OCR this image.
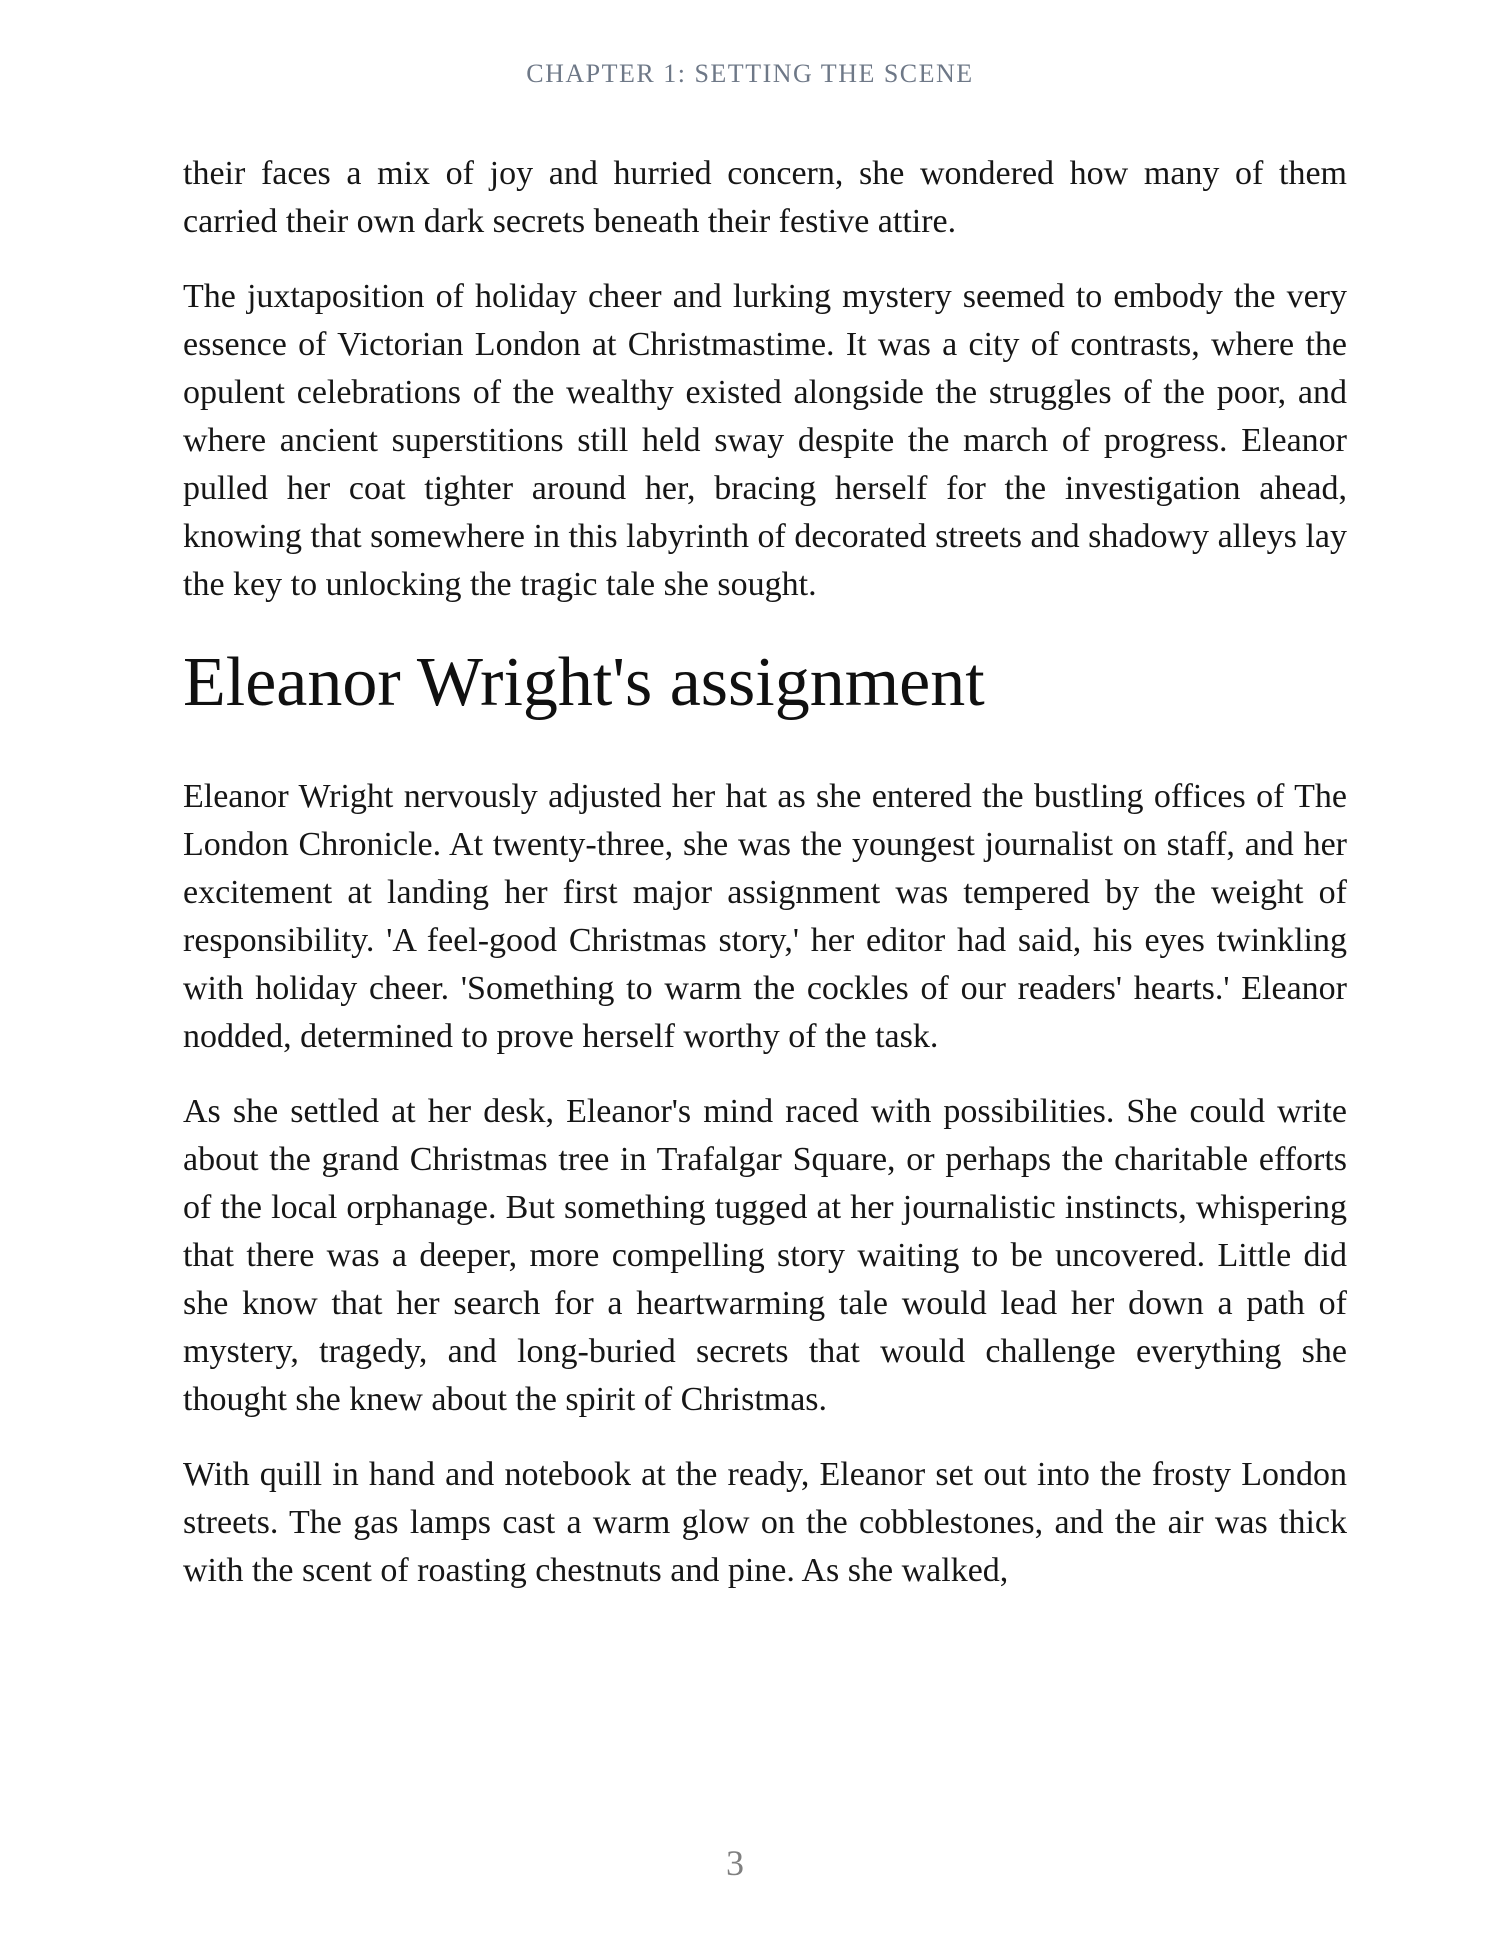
CHAPTER 1: SETTING THE SCENE

their faces a mix of joy and hurried concern, she wondered how many of them carried their own dark secrets beneath their festive attire.

The juxtaposition of holiday cheer and lurking mystery seemed to embody the very essence of Victorian London at Christmastime. It was a city of contrasts, where the opulent celebrations of the wealthy existed alongside the struggles of the poor, and where ancient superstitions still held sway despite the march of progress. Eleanor pulled her coat tighter around her, bracing herself for the investigation ahead, knowing that somewhere in this labyrinth of decorated streets and shadowy alleys lay the key to unlocking the tragic tale she sought.

Eleanor Wright's assignment

Eleanor Wright nervously adjusted her hat as she entered the bustling offices of The London Chronicle. At twenty-three, she was the youngest journalist on staff, and her excitement at landing her first major assignment was tempered by the weight of responsibility. 'A feel-good Christmas story,' her editor had said, his eyes twinkling with holiday cheer. 'Something to warm the cockles of our readers' hearts.' Eleanor nodded, determined to prove herself worthy of the task.

As she settled at her desk, Eleanor's mind raced with possibilities. She could write about the grand Christmas tree in Trafalgar Square, or perhaps the charitable efforts of the local orphanage. But something tugged at her journalistic instincts, whispering that there was a deeper, more compelling story waiting to be uncovered. Little did she know that her search for a heartwarming tale would lead her down a path of mystery, tragedy, and long-buried secrets that would challenge everything she thought she knew about the spirit of Christmas.

With quill in hand and notebook at the ready, Eleanor set out into the frosty London streets. The gas lamps cast a warm glow on the cobblestones, and the air was thick with the scent of roasting chestnuts and pine. As she walked,

3
